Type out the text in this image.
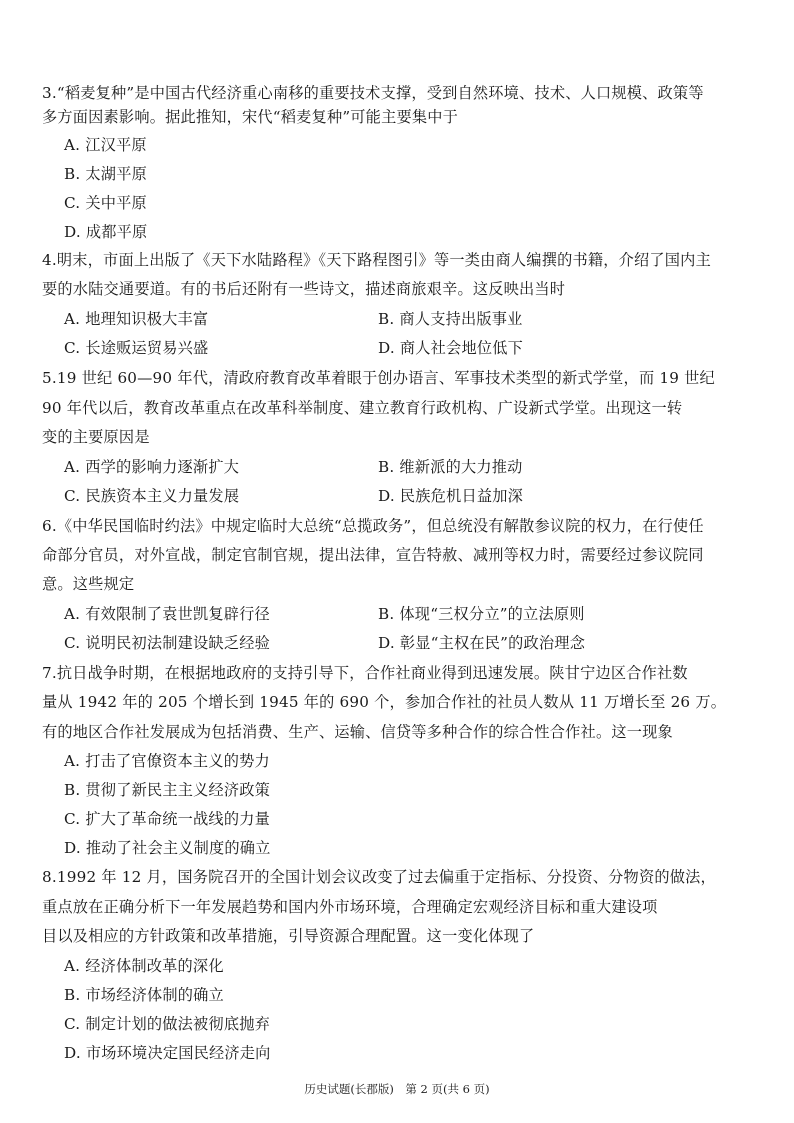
3.“稻麦复种”是中国古代经济重心南移的重要技术支撑，受到自然环境、技术、人口规模、政策等
多方面因素影响。据此推知，宋代“稻麦复种”可能主要集中于
A. 江汉平原
B. 太湖平原
C. 关中平原
D. 成都平原
4.明末，市面上出版了《天下水陆路程》《天下路程图引》等一类由商人编撰的书籍，介绍了国内主
要的水陆交通要道。有的书后还附有一些诗文，描述商旅艰辛。这反映出当时
A. 地理知识极大丰富	B. 商人支持出版事业
C. 长途贩运贸易兴盛	D. 商人社会地位低下
5.19 世纪 60—90 年代，清政府教育改革着眼于创办语言、军事技术类型的新式学堂，而 19 世纪
90 年代以后，教育改革重点在改革科举制度、建立教育行政机构、广设新式学堂。出现这一转
变的主要原因是
A. 西学的影响力逐渐扩大	B. 维新派的大力推动
C. 民族资本主义力量发展	D. 民族危机日益加深
6.《中华民国临时约法》中规定临时大总统“总揽政务”，但总统没有解散参议院的权力，在行使任
命部分官员，对外宣战，制定官制官规，提出法律，宣告特赦、减刑等权力时，需要经过参议院同
意。这些规定
A. 有效限制了袁世凯复辟行径	B. 体现“三权分立”的立法原则
C. 说明民初法制建设缺乏经验	D. 彰显“主权在民”的政治理念
7.抗日战争时期，在根据地政府的支持引导下，合作社商业得到迅速发展。陕甘宁边区合作社数
量从 1942 年的 205 个增长到 1945 年的 690 个，参加合作社的社员人数从 11 万增长至 26 万。
有的地区合作社发展成为包括消费、生产、运输、信贷等多种合作的综合性合作社。这一现象
A. 打击了官僚资本主义的势力
B. 贯彻了新民主主义经济政策
C. 扩大了革命统一战线的力量
D. 推动了社会主义制度的确立
8.1992 年 12 月，国务院召开的全国计划会议改变了过去偏重于定指标、分投资、分物资的做法，
重点放在正确分析下一年发展趋势和国内外市场环境，合理确定宏观经济目标和重大建设项
目以及相应的方针政策和改革措施，引导资源合理配置。这一变化体现了
A. 经济体制改革的深化
B. 市场经济体制的确立
C. 制定计划的做法被彻底抛弃
D. 市场环境决定国民经济走向
历史试题(长郡版)　第 2 页(共 6 页)
